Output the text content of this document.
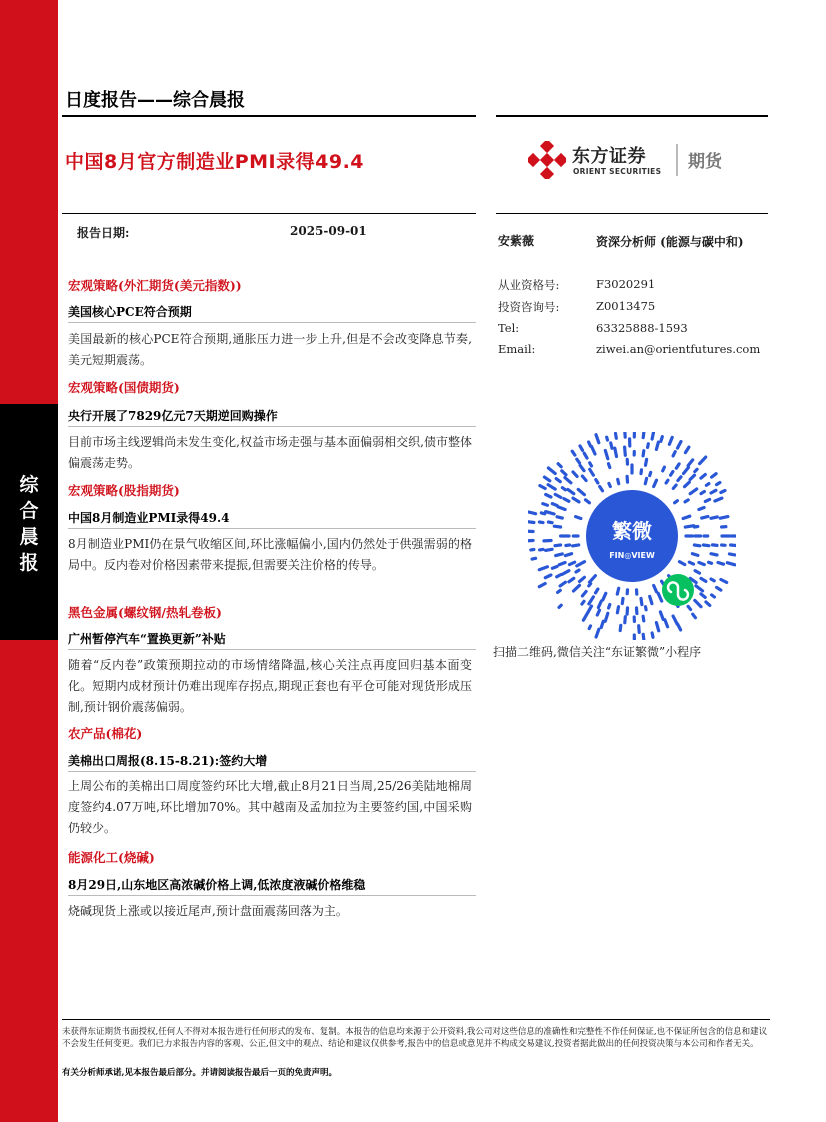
综合晨报
日度报告——综合晨报
中国8月官方制造业PMI录得49.4	东方证券
ORIENT SECURITIES 期货
报告日期:	2025-09-01
宏观策略(外汇期货(美元指数))
美国核心PCE符合预期
美国最新的核心PCE符合预期,通胀压力进一步上升,但是不会改变降息节奏,美元短期震荡。
宏观策略(国债期货)
央行开展了7829亿元7天期逆回购操作
目前市场主线逻辑尚未发生变化,权益市场走强与基本面偏弱相交织,债市整体偏震荡走势。
宏观策略(股指期货)
中国8月制造业PMI录得49.4
8月制造业PMI仍在景气收缩区间,环比涨幅偏小,国内仍然处于供强需弱的格局中。反内卷对价格因素带来提振,但需要关注价格的传导。
黑色金属(螺纹钢/热轧卷板)
广州暂停汽车“置换更新”补贴
随着“反内卷”政策预期拉动的市场情绪降温,核心关注点再度回归基本面变化。短期内成材预计仍难出现库存拐点,期现正套也有平仓可能对现货形成压制,预计钢价震荡偏弱。
农产品(棉花)
美棉出口周报(8.15-8.21):签约大增
上周公布的美棉出口周度签约环比大增,截止8月21日当周,25/26美陆地棉周度签约4.07万吨,环比增加70%。其中越南及孟加拉为主要签约国,中国采购仍较少。
能源化工(烧碱)
8月29日,山东地区高浓碱价格上调,低浓度液碱价格维稳
烧碱现货上涨或以接近尾声,预计盘面震荡回落为主。
安紫薇	资深分析师 (能源与碳中和)
从业资格号:	F3020291
投资咨询号:	Z0013475
Tel:	63325888-1593
Email:	ziwei.an@orientfutures.com
繁微
FIN◎VIEW
扫描二维码,微信关注“东证繁微”小程序
未获得东证期货书面授权,任何人不得对本报告进行任何形式的发布、复制。本报告的信息均来源于公开资料,我公司对这些信息的准确性和完整性不作任何保证,也不保证所包含的信息和建议不会发生任何变更。我们已力求报告内容的客观、公正,但文中的观点、结论和建议仅供参考,报告中的信息或意见并不构成交易建议,投资者据此做出的任何投资决策与本公司和作者无关。
有关分析师承诺,见本报告最后部分。并请阅读报告最后一页的免责声明。
